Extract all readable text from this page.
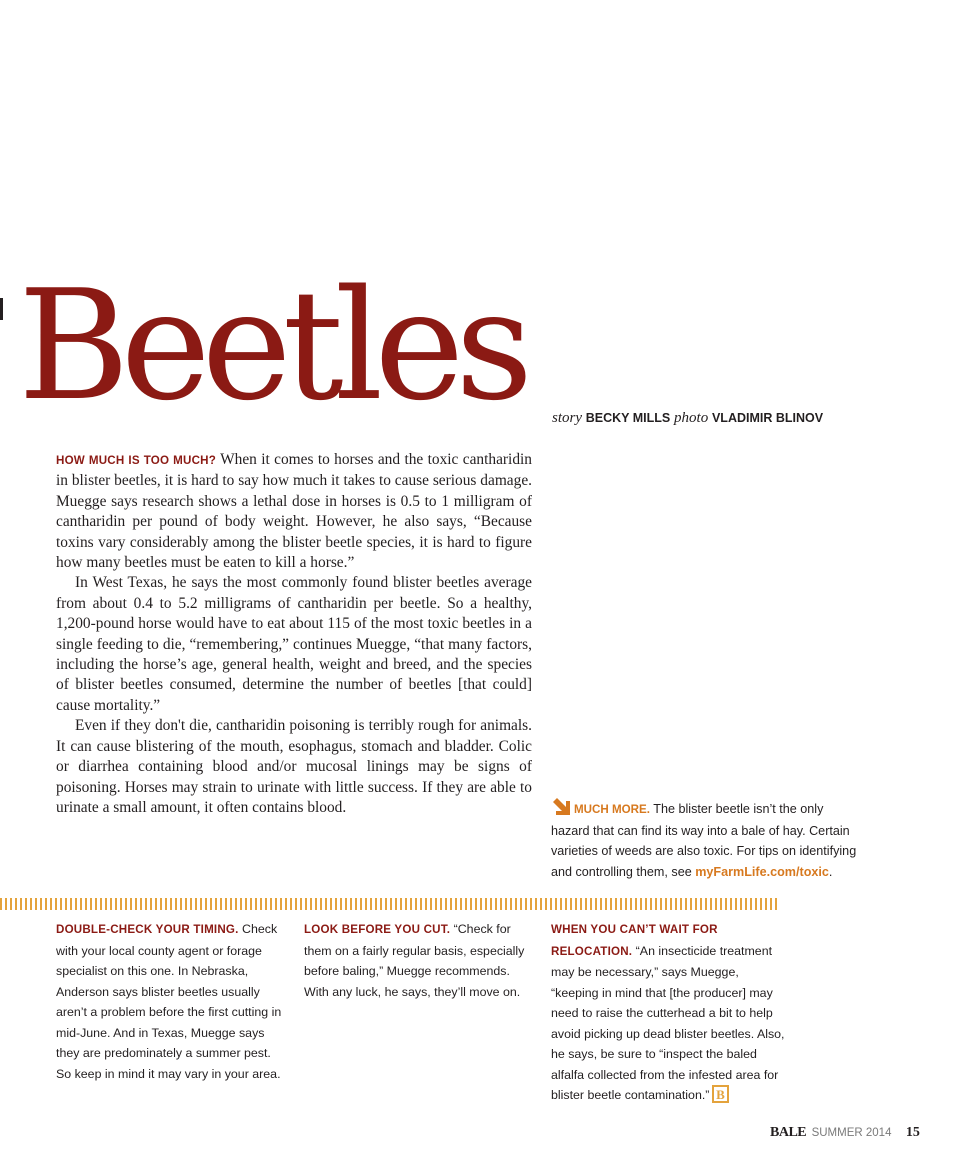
Beetles story BECKY MILLS photo VLADIMIR BLINOV

HOW MUCH IS TOO MUCH? When it comes to horses and the toxic cantharidin in blister beetles, it is hard to say how much it takes to cause serious damage. Muegge says research shows a lethal dose in horses is 0.5 to 1 milligram of cantharidin per pound of body weight. However, he also says, “Because toxins vary considerably among the blister beetle species, it is hard to figure how many beetles must be eaten to kill a horse.”

In West Texas, he says the most commonly found blister beetles average from about 0.4 to 5.2 milligrams of cantharidin per beetle. So a healthy, 1,200-pound horse would have to eat about 115 of the most toxic beetles in a single feeding to die, “remembering,” continues Muegge, “that many factors, including the horse’s age, general health, weight and breed, and the species of blister beetles consumed, determine the number of beetles [that could] cause mortality.”

Even if they don't die, cantharidin poisoning is terribly rough for animals. It can cause blistering of the mouth, esophagus, stomach and bladder. Colic or diarrhea containing blood and/or mucosal linings may be signs of poisoning. Horses may strain to urinate with little success. If they are able to urinate a small amount, it often contains blood.	MUCH MORE. The blister beetle isn’t the only hazard that can find its way into a bale of hay. Certain varieties of weeds are also toxic. For tips on identifying and controlling them, see myFarmLife.com/toxic.

DOUBLE-CHECK YOUR TIMING. Check with your local county agent or forage specialist on this one. In Nebraska, Anderson says blister beetles usually aren’t a problem before the first cutting in mid-June. And in Texas, Muegge says they are predominately a summer pest. So keep in mind it may vary in your area.

LOOK BEFORE YOU CUT. “Check for them on a fairly regular basis, especially before baling,” Muegge recommends. With any luck, he says, they’ll move on.

WHEN YOU CAN’T WAIT FOR RELOCATION. “An insecticide treatment may be necessary,” says Muegge, “keeping in mind that [the producer] may need to raise the cutterhead a bit to help avoid picking up dead blister beetles. Also, he says, be sure to “inspect the baled alfalfa collected from the infested area for blister beetle contamination.” B

BALE SUMMER 2014 15
